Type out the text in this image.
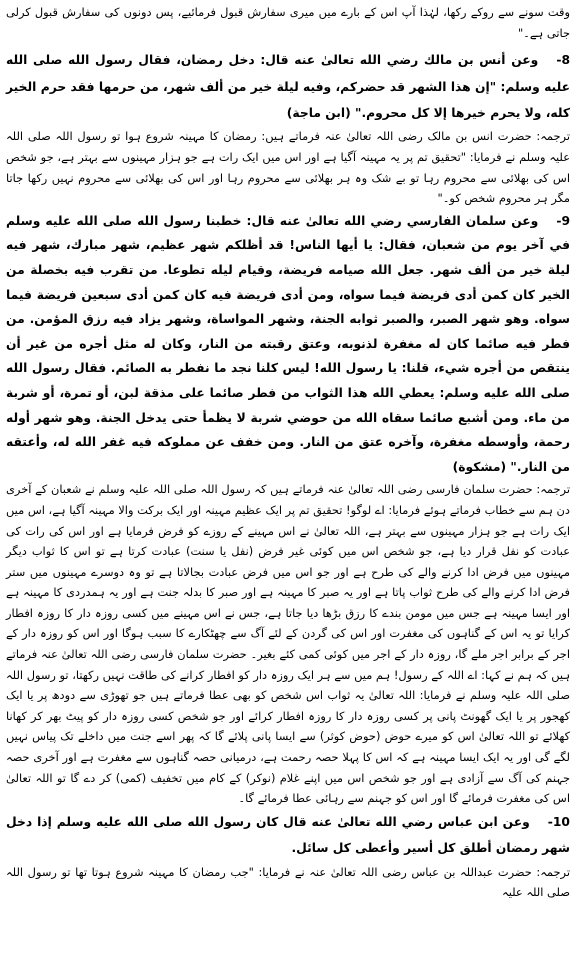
وقت سونے سے روکے رکھا، لہٰذا آپ اس کے بارے میں میری سفارش قبول فرمائیے، پس دونوں کی سفارش قبول کرلی جاتی ہے۔"

8-وعن أنس بن مالك رضي الله تعالىٰ عنه قال: دخل رمضان، فقال رسول الله صلى الله عليه وسلم: "إن هذا الشهر قد حضركم، وفيه ليلة خير من ألف شهر، من حرمها فقد حرم الخير كله، ولا يحرم خيرها إلا كل محروم." (ابن ماجة)

ترجمہ: حضرت انس بن مالک رضی اللہ تعالیٰ عنہ فرماتے ہیں: رمضان کا مہینہ شروع ہوا تو رسول اللہ صلی اللہ علیہ وسلم نے فرمایا: "تحقیق تم پر یہ مہینہ آگیا ہے اور اس میں ایک رات ہے جو ہزار مہینوں سے بہتر ہے، جو شخص اس کی بھلائی سے محروم رہا تو بے شک وہ ہر بھلائی سے محروم رہا اور اس کی بھلائی سے محروم نہیں رکھا جاتا مگر ہر محروم شخص کو۔"

9-وعن سلمان الفارسي رضي الله تعالىٰ عنه قال: خطبنا رسول الله صلى الله عليه وسلم في آخر يوم من شعبان، فقال: يا أيها الناس! قد أظلكم شهر عظيم، شهر مبارك، شهر فيه ليلة خير من ألف شهر. جعل الله صيامه فريضة، وقيام ليله تطوعا. من تقرب فيه بخصلة من الخير كان كمن أدى فريضة فيما سواه، ومن أدى فريضة فيه كان كمن أدى سبعين فريضة فيما سواه. وهو شهر الصبر، والصبر ثوابه الجنة، وشهر المواساة، وشهر يزاد فيه رزق المؤمن. من فطر فيه صائما كان له مغفرة لذنوبه، وعتق رقبته من النار، وكان له مثل أجره من غير أن ينتقص من أجره شيء، قلنا: يا رسول الله! ليس كلنا نجد ما نفطر به الصائم. فقال رسول الله صلى الله عليه وسلم: يعطي الله هذا الثواب من فطر صائما على مذقة لبن، أو تمرة، أو شربة من ماء. ومن أشبع صائما سقاه الله من حوضي شربة لا يظمأ حتى يدخل الجنة. وهو شهر أوله رحمة، وأوسطه مغفرة، وآخره عتق من النار. ومن خفف عن مملوكه فيه غفر الله له، وأعتقه من النار." (مشكوة)

ترجمہ: حضرت سلمان فارسی رضی اللہ تعالیٰ عنہ فرماتے ہیں کہ رسول اللہ صلی اللہ علیہ وسلم نے شعبان کے آخری دن ہم سے خطاب فرماتے ہوئے فرمایا: اے لوگو! تحقیق تم پر ایک عظیم مہینہ اور ایک برکت والا مہینہ آگیا ہے، اس میں ایک رات ہے جو ہزار مہینوں سے بہتر ہے، اللہ تعالیٰ نے اس مہینے کے روزے کو فرض فرمایا ہے اور اس کی رات کی عبادت کو نفل قرار دیا ہے، جو شخص اس میں کوئی غیر فرض (نفل یا سنت) عبادت کرتا ہے تو اس کا ثواب دیگر مہینوں میں فرض ادا کرنے والے کی طرح ہے اور جو اس میں فرض عبادت بجالاتا ہے تو وہ دوسرے مہینوں میں ستر فرض ادا کرنے والے کی طرح ثواب پاتا ہے اور یہ صبر کا مہینہ ہے اور صبر کا بدلہ جنت ہے اور یہ ہمدردی کا مہینہ ہے اور ایسا مہینہ ہے جس میں مومن بندے کا رزق بڑھا دیا جاتا ہے، جس نے اس مہینے میں کسی روزہ دار کا روزہ افطار کرایا تو یہ اس کے گناہوں کی مغفرت اور اس کی گردن کے لئے آگ سے چھٹکارے کا سبب ہوگا اور اس کو روزہ دار کے اجر کے برابر اجر ملے گا، روزہ دار کے اجر میں کوئی کمی کئے بغیر۔ حضرت سلمان فارسی رضی اللہ تعالیٰ عنہ فرماتے ہیں کہ ہم نے کہا: اے اللہ کے رسول! ہم میں سے ہر ایک روزہ دار کو افطار کرانے کی طاقت نہیں رکھتا، تو رسول اللہ صلی اللہ علیہ وسلم نے فرمایا: اللہ تعالیٰ یہ ثواب اس شخص کو بھی عطا فرماتے ہیں جو تھوڑی سے دودھ پر یا ایک کھجور پر یا ایک گھونٹ پانی پر کسی روزہ دار کا روزہ افطار کرائے اور جو شخص کسی روزہ دار کو پیٹ بھر کر کھانا کھلائے تو اللہ تعالیٰ اس کو میرے حوض (حوض کوثر) سے ایسا پانی پلائے گا کہ پھر اسے جنت میں داخلے تک پیاس نہیں لگے گی اور یہ ایک ایسا مہینہ ہے کہ اس کا پہلا حصہ رحمت ہے، درمیانی حصہ گناہوں سے مغفرت ہے اور آخری حصہ جہنم کی آگ سے آزادی ہے اور جو شخص اس میں اپنے غلام (نوکر) کے کام میں تخفیف (کمی) کر دے گا تو اللہ تعالیٰ اس کی مغفرت فرمائے گا اور اس کو جہنم سے رہائی عطا فرمائے گا۔

10-وعن ابن عباس رضي الله تعالىٰ عنه قال كان رسول الله صلى الله عليه وسلم إذا دخل شهر رمضان أطلق كل أسير وأعطى كل سائل.

ترجمہ: حضرت عبداللہ بن عباس رضی اللہ تعالیٰ عنہ نے فرمایا: "جب رمضان کا مہینہ شروع ہوتا تھا تو رسول اللہ صلی اللہ علیہ
